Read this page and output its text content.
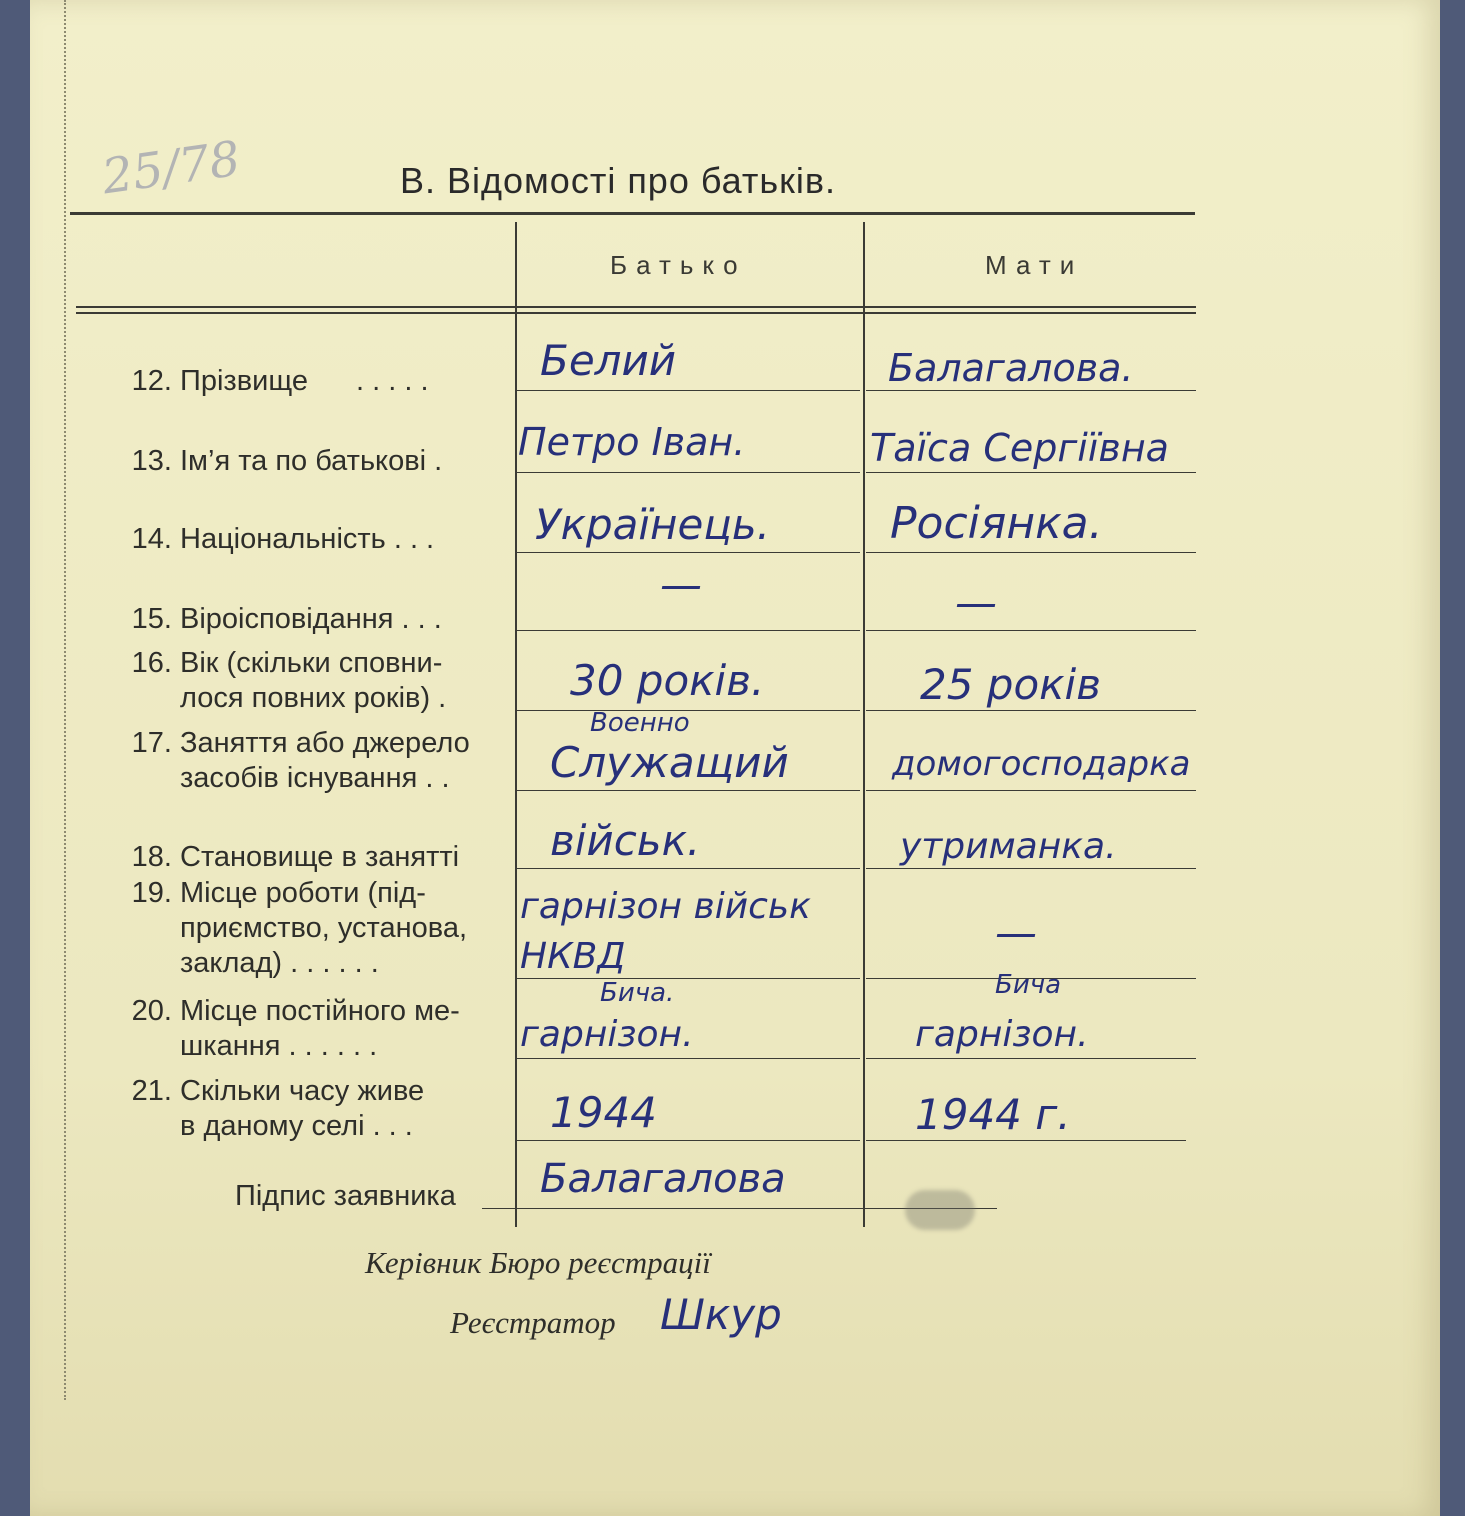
25/78	В. Відомості про батьків.
Батько	Мати
12. Прізвище . . . . .
13. Ім’я та по батькові .
14. Національність . . .
15. Віроісповідання . . .
16. Вік (скільки сповни-
лося повних років) .
17. Заняття або джерело
засобів існування . .
18. Становище в занятті
19. Місце роботи (під-
приємство, установа,
заклад) . . . . . .
20. Місце постійного ме-
шкання . . . . . .
21. Скільки часу живе
в даному селі . . .
Белий
Петро Іван.
Українець.
—
30 років.
Военно
Служащий
військ.
гарнізон військ НКВД
Бича.
гарнізон.
1944
Балагалова.
Таїса Сергіївна
Росіянка.
—
25 років
домогосподарка
утриманка.
—
Бича
гарнізон.
1944 г.
Підпис заявника Балагалова
Керівник Бюро реєстрації
Реєстратор Шкур
